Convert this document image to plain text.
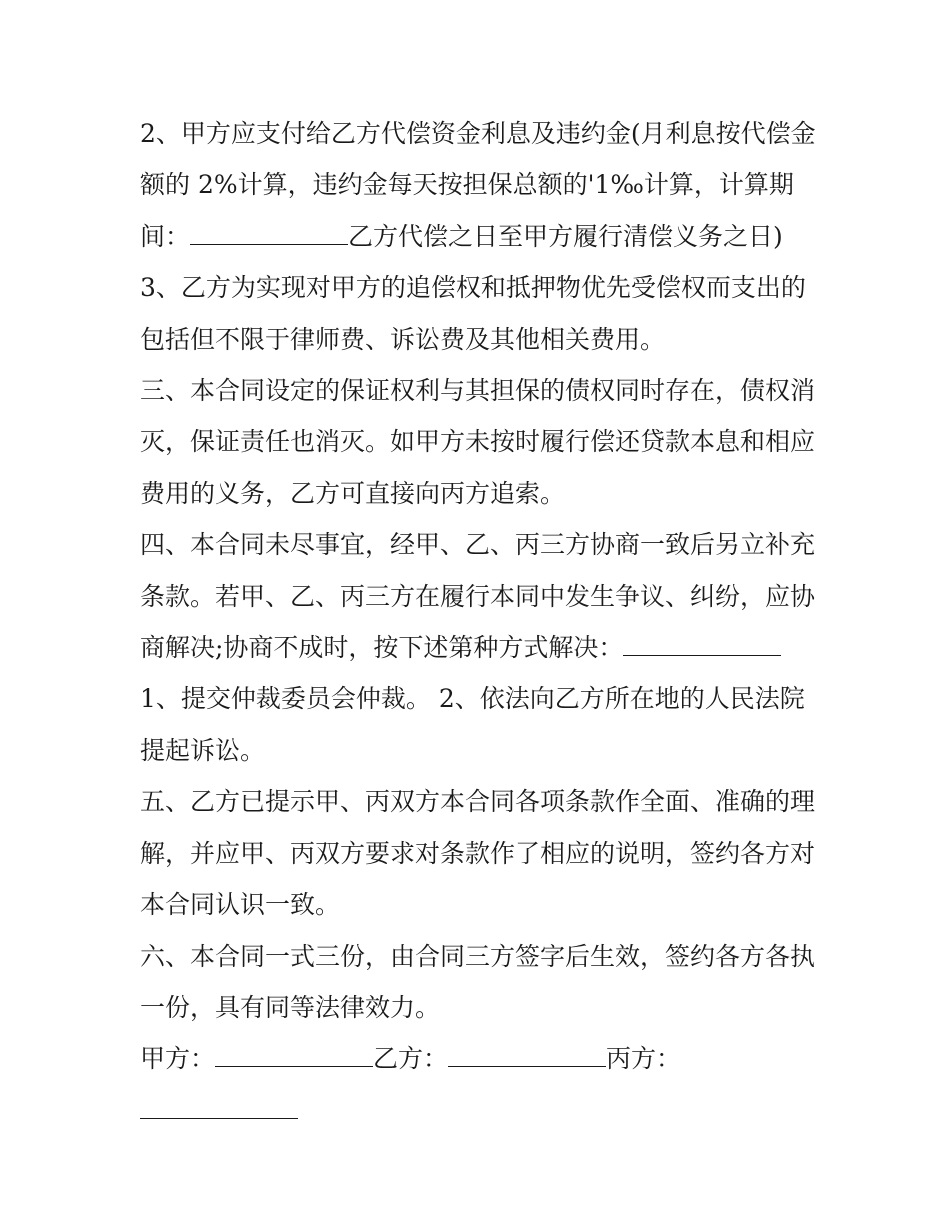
2、甲方应支付给乙方代偿资金利息及违约金(月利息按代偿金额的 2%计算，违约金每天按担保总额的'1‰计算，计算期间：	乙方代偿之日至甲方履行清偿义务之日)

3、乙方为实现对甲方的追偿权和抵押物优先受偿权而支出的包括但不限于律师费、诉讼费及其他相关费用。

三、本合同设定的保证权利与其担保的债权同时存在，债权消灭，保证责任也消灭。如甲方未按时履行偿还贷款本息和相应费用的义务，乙方可直接向丙方追索。

四、本合同未尽事宜，经甲、乙、丙三方协商一致后另立补充条款。若甲、乙、丙三方在履行本同中发生争议、纠纷，应协商解决;协商不成时，按下述第种方式解决：

1、提交仲裁委员会仲裁。 2、依法向乙方所在地的人民法院提起诉讼。

五、乙方已提示甲、丙双方本合同各项条款作全面、准确的理解，并应甲、丙双方要求对条款作了相应的说明，签约各方对本合同认识一致。

六、本合同一式三份，由合同三方签字后生效，签约各方各执一份，具有同等法律效力。

甲方：	乙方：	丙方：
